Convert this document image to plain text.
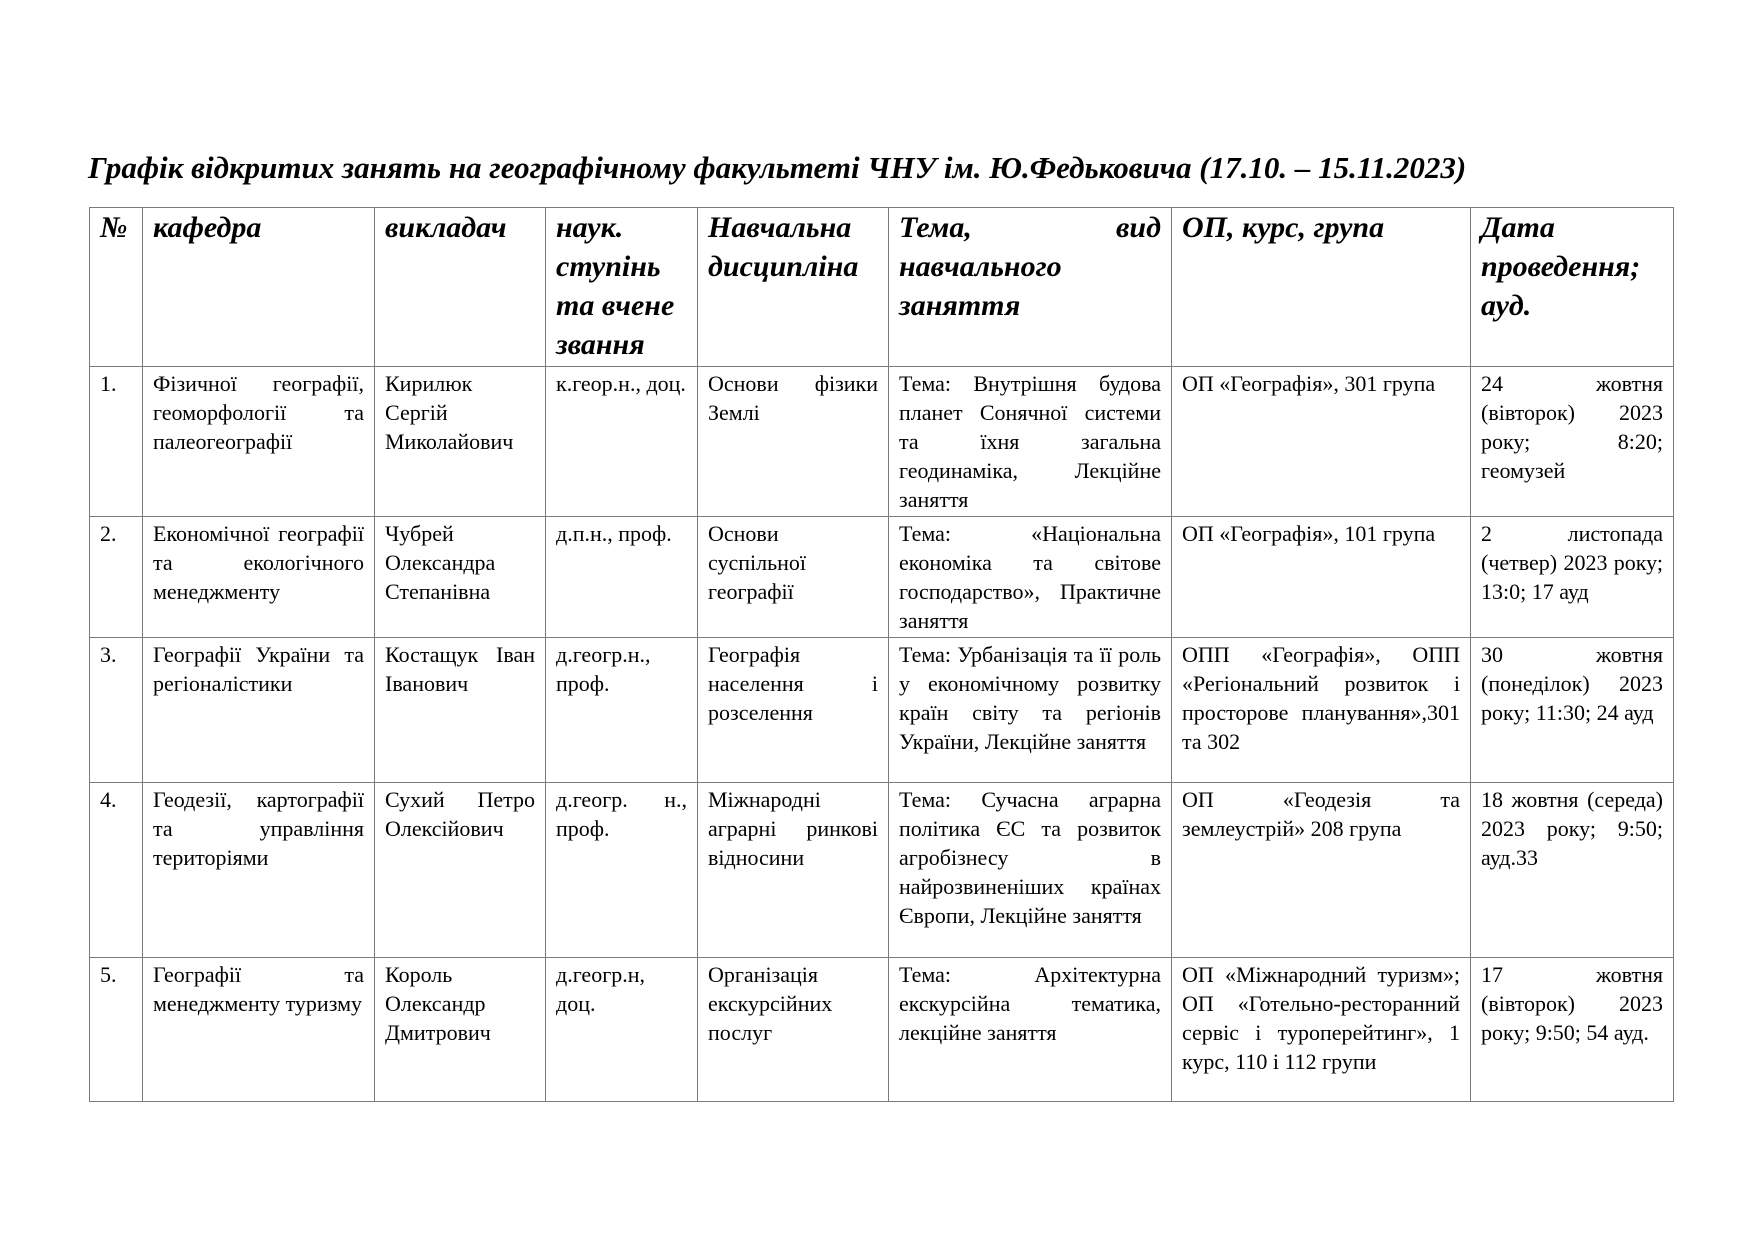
Графік відкритих занять на географічному факультеті ЧНУ ім. Ю.Федьковича (17.10. – 15.11.2023)
№	кафедра	викладач	наук. ступінь та вчене звання	Навчальна дисципліна	Тема, вид навчального заняття	ОП, курс, група	Дата проведення; ауд.
1.	Фізичної географії, геоморфології та палеогеографії	Кирилюк Сергій Миколайович	к.геор.н., доц.	Основи фізики Землі	Тема: Внутрішня будова планет Сонячної системи та їхня загальна геодинаміка, Лекційне заняття	ОП «Географія», 301 група	24 жовтня (вівторок) 2023 року; 8:20; геомузей
2.	Економічної географії та екологічного менеджменту	Чубрей Олександра Степанівна	д.п.н., проф.	Основи суспільної географії	Тема: «Національна економіка та світове господарство», Практичне заняття	ОП «Географія», 101 група	2 листопада (четвер) 2023 року; 13:0; 17 ауд
3.	Географії України та регіоналістики	Костащук Іван Іванович	д.геогр.н., проф.	Географія населення і розселення	Тема: Урбанізація та її роль у економічному розвитку країн світу та регіонів України, Лекційне заняття	ОПП «Географія», ОПП «Регіональний розвиток і просторове планування»,301 та 302	30 жовтня (понеділок) 2023 року; 11:30; 24 ауд
4.	Геодезії, картографії та управління територіями	Сухий Петро Олексійович	д.геогр. н., проф.	Міжнародні аграрні ринкові відносини	Тема: Сучасна аграрна політика ЄС та розвиток агробізнесу в найрозвиненіших країнах Європи, Лекційне заняття	ОП «Геодезія та землеустрій» 208 група	18 жовтня (середа) 2023 року; 9:50; ауд.33
5.	Географії та менеджменту туризму	Король Олександр Дмитрович	д.геогр.н, доц.	Організація екскурсійних послуг	Тема: Архітектурна екскурсійна тематика, лекційне заняття	ОП «Міжнародний туризм»; ОП «Готельно-ресторанний сервіс і туроперейтинг», 1 курс, 110 і 112 групи	17 жовтня (вівторок) 2023 року; 9:50; 54 ауд.
